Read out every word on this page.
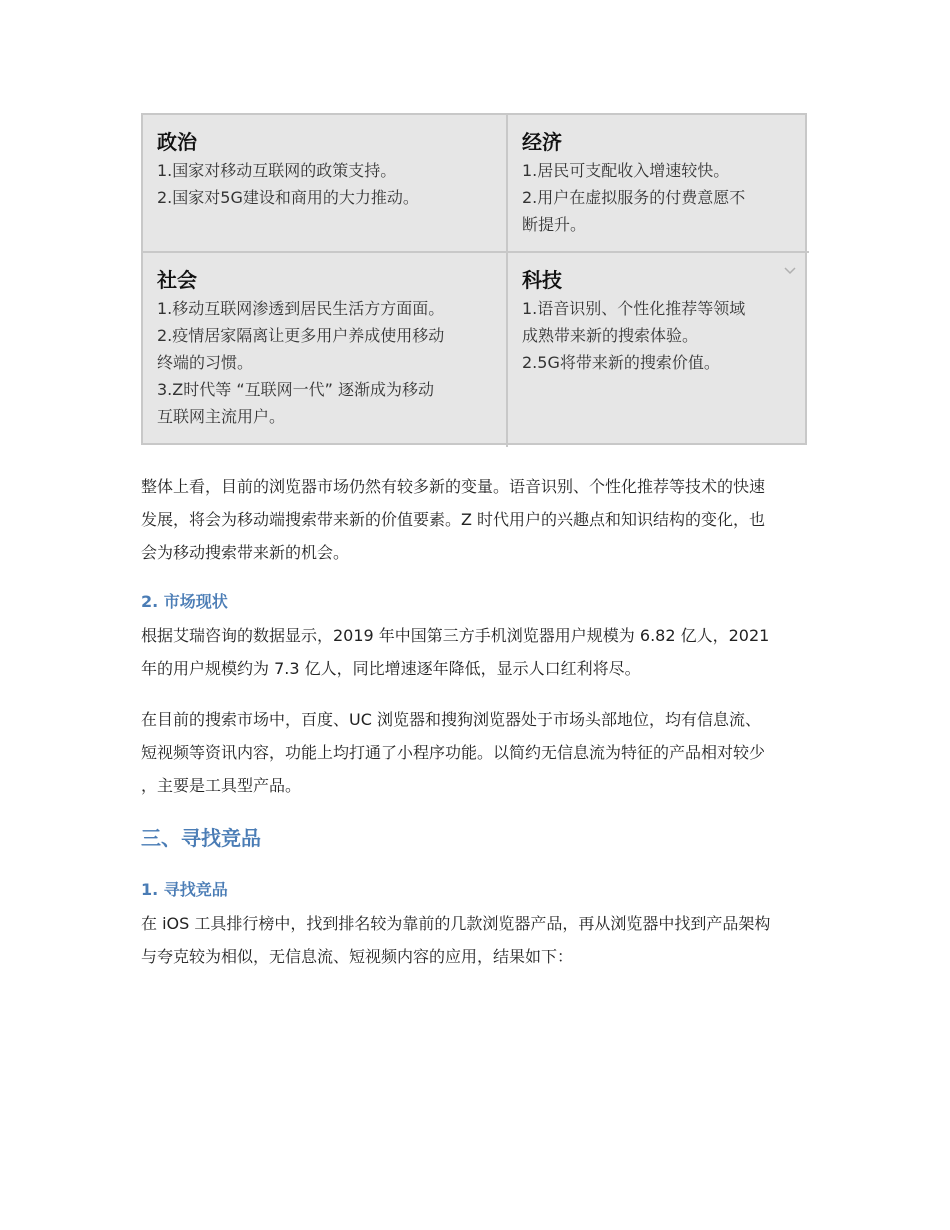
政治
1.国家对移动互联网的政策支持。
2.国家对5G建设和商用的大力推动。
经济
1.居民可支配收入增速较快。
2.用户在虚拟服务的付费意愿不
断提升。
社会
1.移动互联网渗透到居民生活方方面面。
2.疫情居家隔离让更多用户养成使用移动
终端的习惯。
3.Z时代等 “互联网一代” 逐渐成为移动
互联网主流用户。
科技
1.语音识别、个性化推荐等领域
成熟带来新的搜索体验。
2.5G将带来新的搜索价值。
整体上看，目前的浏览器市场仍然有较多新的变量。语音识别、个性化推荐等技术的快速
发展，将会为移动端搜索带来新的价值要素。Z 时代用户的兴趣点和知识结构的变化，也
会为移动搜索带来新的机会。
2. 市场现状
根据艾瑞咨询的数据显示，2019 年中国第三方手机浏览器用户规模为 6.82 亿人，2021
年的用户规模约为 7.3 亿人，同比增速逐年降低，显示人口红利将尽。
在目前的搜索市场中，百度、UC 浏览器和搜狗浏览器处于市场头部地位，均有信息流、
短视频等资讯内容，功能上均打通了小程序功能。以简约无信息流为特征的产品相对较少
，主要是工具型产品。
三、寻找竞品
1. 寻找竞品
在 iOS 工具排行榜中，找到排名较为靠前的几款浏览器产品，再从浏览器中找到产品架构
与夸克较为相似，无信息流、短视频内容的应用，结果如下：
